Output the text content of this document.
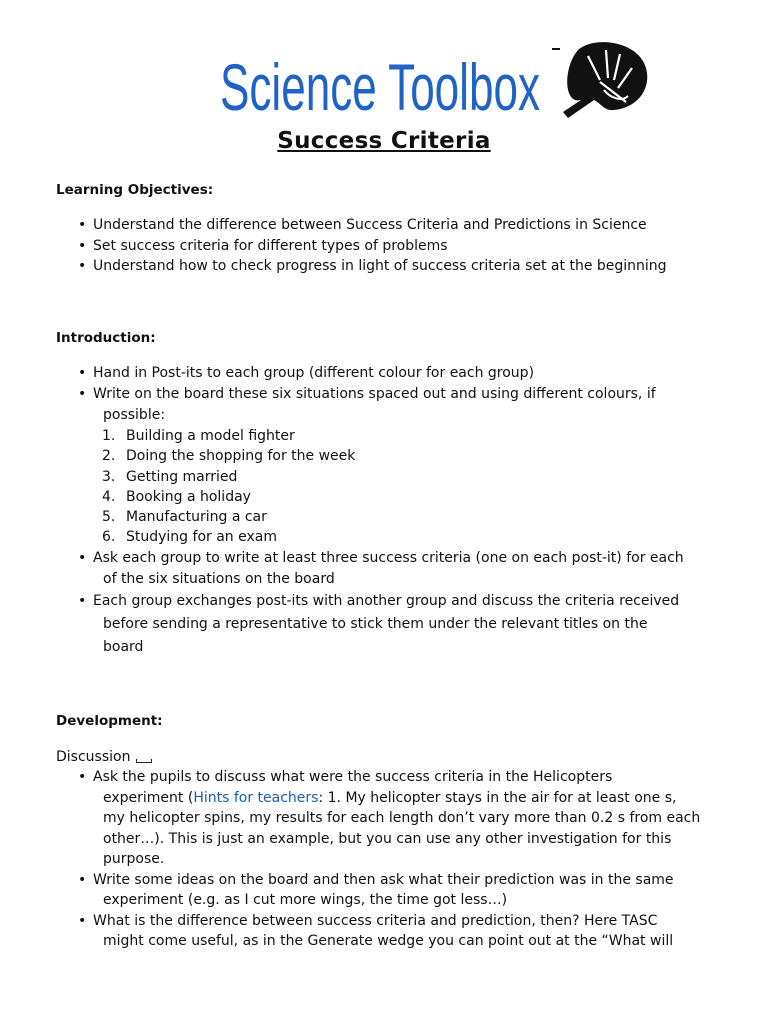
Science Toolbox
Success Criteria
Learning Objectives:
• Understand the difference between Success Criteria and Predictions in Science
• Set success criteria for different types of problems
• Understand how to check progress in light of success criteria set at the beginning
Introduction:
• Hand in Post-its to each group (different colour for each group)
• Write on the board these six situations spaced out and using different colours, if
possible:
1. Building a model fighter
2. Doing the shopping for the week
3. Getting married
4. Booking a holiday
5. Manufacturing a car
6. Studying for an exam
• Ask each group to write at least three success criteria (one on each post-it) for each
of the six situations on the board
• Each group exchanges post-its with another group and discuss the criteria received
before sending a representative to stick them under the relevant titles on the
board
Development:
Discussion
• Ask the pupils to discuss what were the success criteria in the Helicopters
experiment (Hints for teachers: 1. My helicopter stays in the air for at least one s,
my helicopter spins, my results for each length don’t vary more than 0.2 s from each
other…). This is just an example, but you can use any other investigation for this
purpose.
• Write some ideas on the board and then ask what their prediction was in the same
experiment (e.g. as I cut more wings, the time got less…)
• What is the difference between success criteria and prediction, then? Here TASC
might come useful, as in the Generate wedge you can point out at the “What will
